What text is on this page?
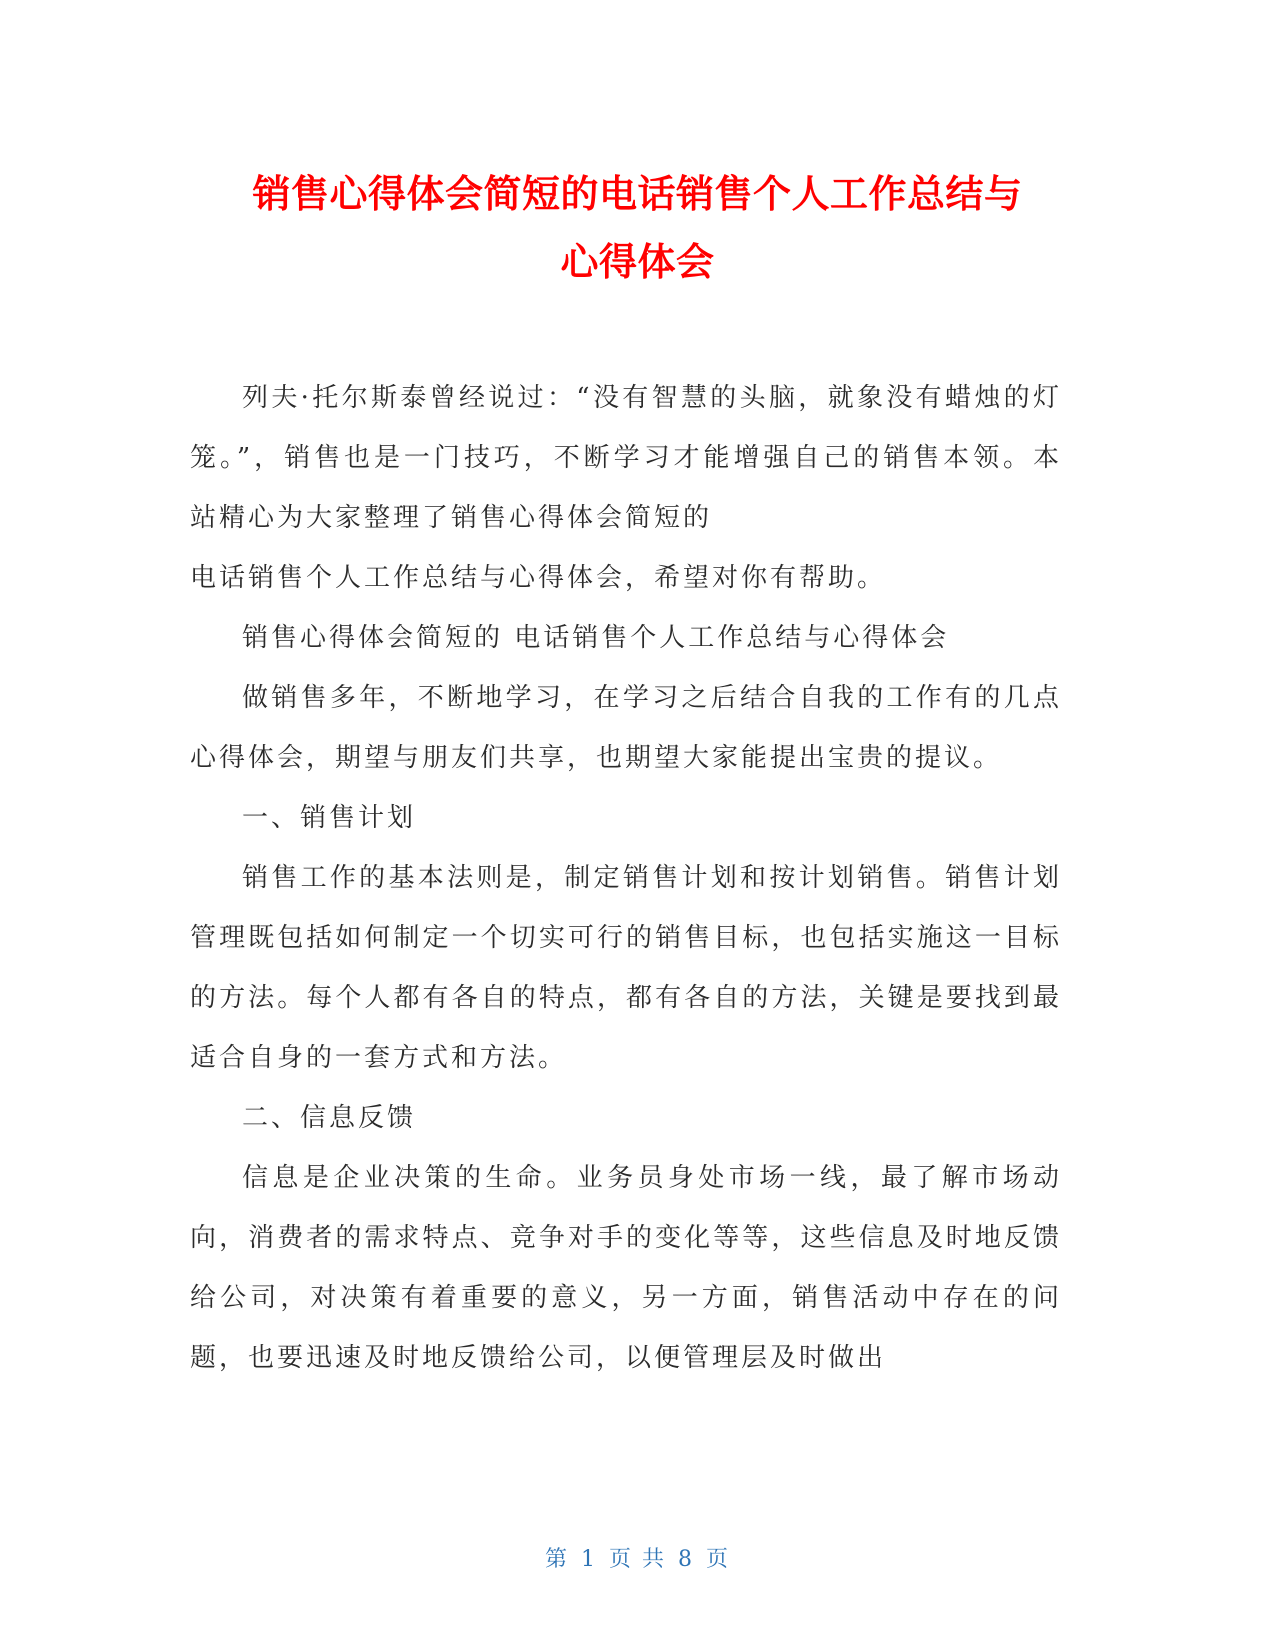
销售心得体会简短的电话销售个人工作总结与
心得体会

列夫·托尔斯泰曾经说过：“没有智慧的头脑，就象没有蜡烛的灯笼。”，销售也是一门技巧，不断学习才能增强自己的销售本领。本站精心为大家整理了销售心得体会简短的

电话销售个人工作总结与心得体会，希望对你有帮助。

销售心得体会简短的 电话销售个人工作总结与心得体会

做销售多年，不断地学习，在学习之后结合自我的工作有的几点心得体会，期望与朋友们共享，也期望大家能提出宝贵的提议。

一、销售计划

销售工作的基本法则是，制定销售计划和按计划销售。销售计划管理既包括如何制定一个切实可行的销售目标，也包括实施这一目标的方法。每个人都有各自的特点，都有各自的方法，关键是要找到最适合自身的一套方式和方法。

二、信息反馈

信息是企业决策的生命。业务员身处市场一线，最了解市场动向，消费者的需求特点、竞争对手的变化等等，这些信息及时地反馈给公司，对决策有着重要的意义，另一方面，销售活动中存在的问题，也要迅速及时地反馈给公司，以便管理层及时做出

第 1 页 共 8 页
